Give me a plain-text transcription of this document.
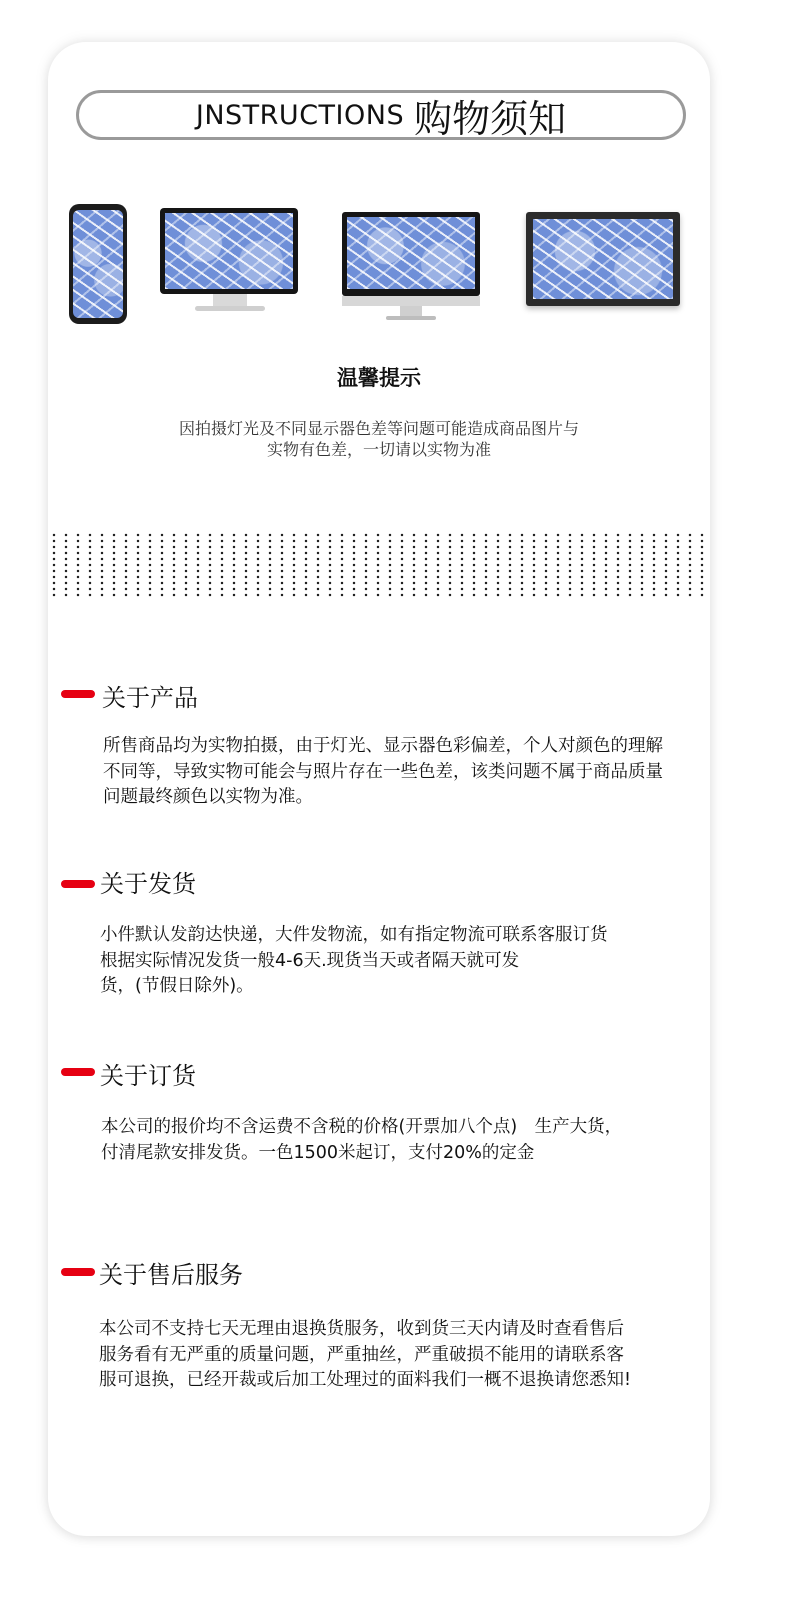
JNSTRUCTIONS 购物须知
温馨提示
因拍摄灯光及不同显示器色差等问题可能造成商品图片与
实物有色差，一切请以实物为准
关于产品
所售商品均为实物拍摄，由于灯光、显示器色彩偏差，个人对颜色的理解
不同等，导致实物可能会与照片存在一些色差，该类问题不属于商品质量
问题最终颜色以实物为准。
关于发货
小件默认发韵达快递，大件发物流，如有指定物流可联系客服订货
根据实际情况发货一般4-6天.现货当天或者隔天就可发
货，(节假日除外)。
关于订货
本公司的报价均不含运费不含税的价格(开票加八个点)　生产大货，
付清尾款安排发货。一色1500米起订，支付20%的定金
关于售后服务
本公司不支持七天无理由退换货服务，收到货三天内请及时查看售后
服务看有无严重的质量问题，严重抽丝，严重破损不能用的请联系客
服可退换，已经开裁或后加工处理过的面料我们一概不退换请您悉知!
